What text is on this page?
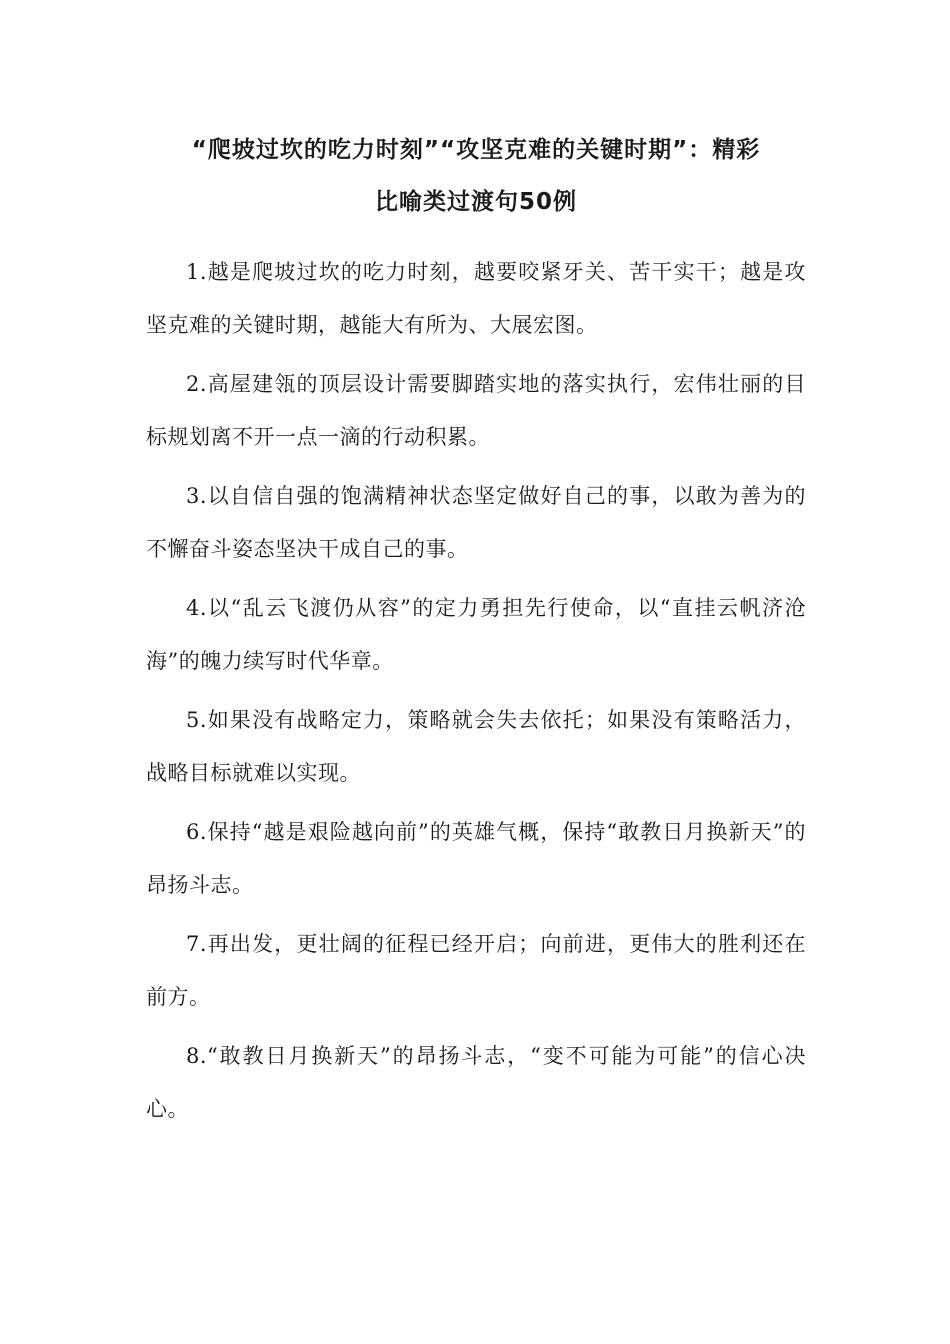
“爬坡过坎的吃力时刻”“攻坚克难的关键时期”：精彩
比喻类过渡句50例
1.越是爬坡过坎的吃力时刻，越要咬紧牙关、苦干实干；越是攻坚克难的关键时期，越能大有所为、大展宏图。
2.高屋建瓴的顶层设计需要脚踏实地的落实执行，宏伟壮丽的目标规划离不开一点一滴的行动积累。
3.以自信自强的饱满精神状态坚定做好自己的事，以敢为善为的不懈奋斗姿态坚决干成自己的事。
4.以“乱云飞渡仍从容”的定力勇担先行使命，以“直挂云帆济沧海”的魄力续写时代华章。
5.如果没有战略定力，策略就会失去依托；如果没有策略活力，战略目标就难以实现。
6.保持“越是艰险越向前”的英雄气概，保持“敢教日月换新天”的昂扬斗志。
7.再出发，更壮阔的征程已经开启；向前进，更伟大的胜利还在前方。
8.“敢教日月换新天”的昂扬斗志，“变不可能为可能”的信心决心。
